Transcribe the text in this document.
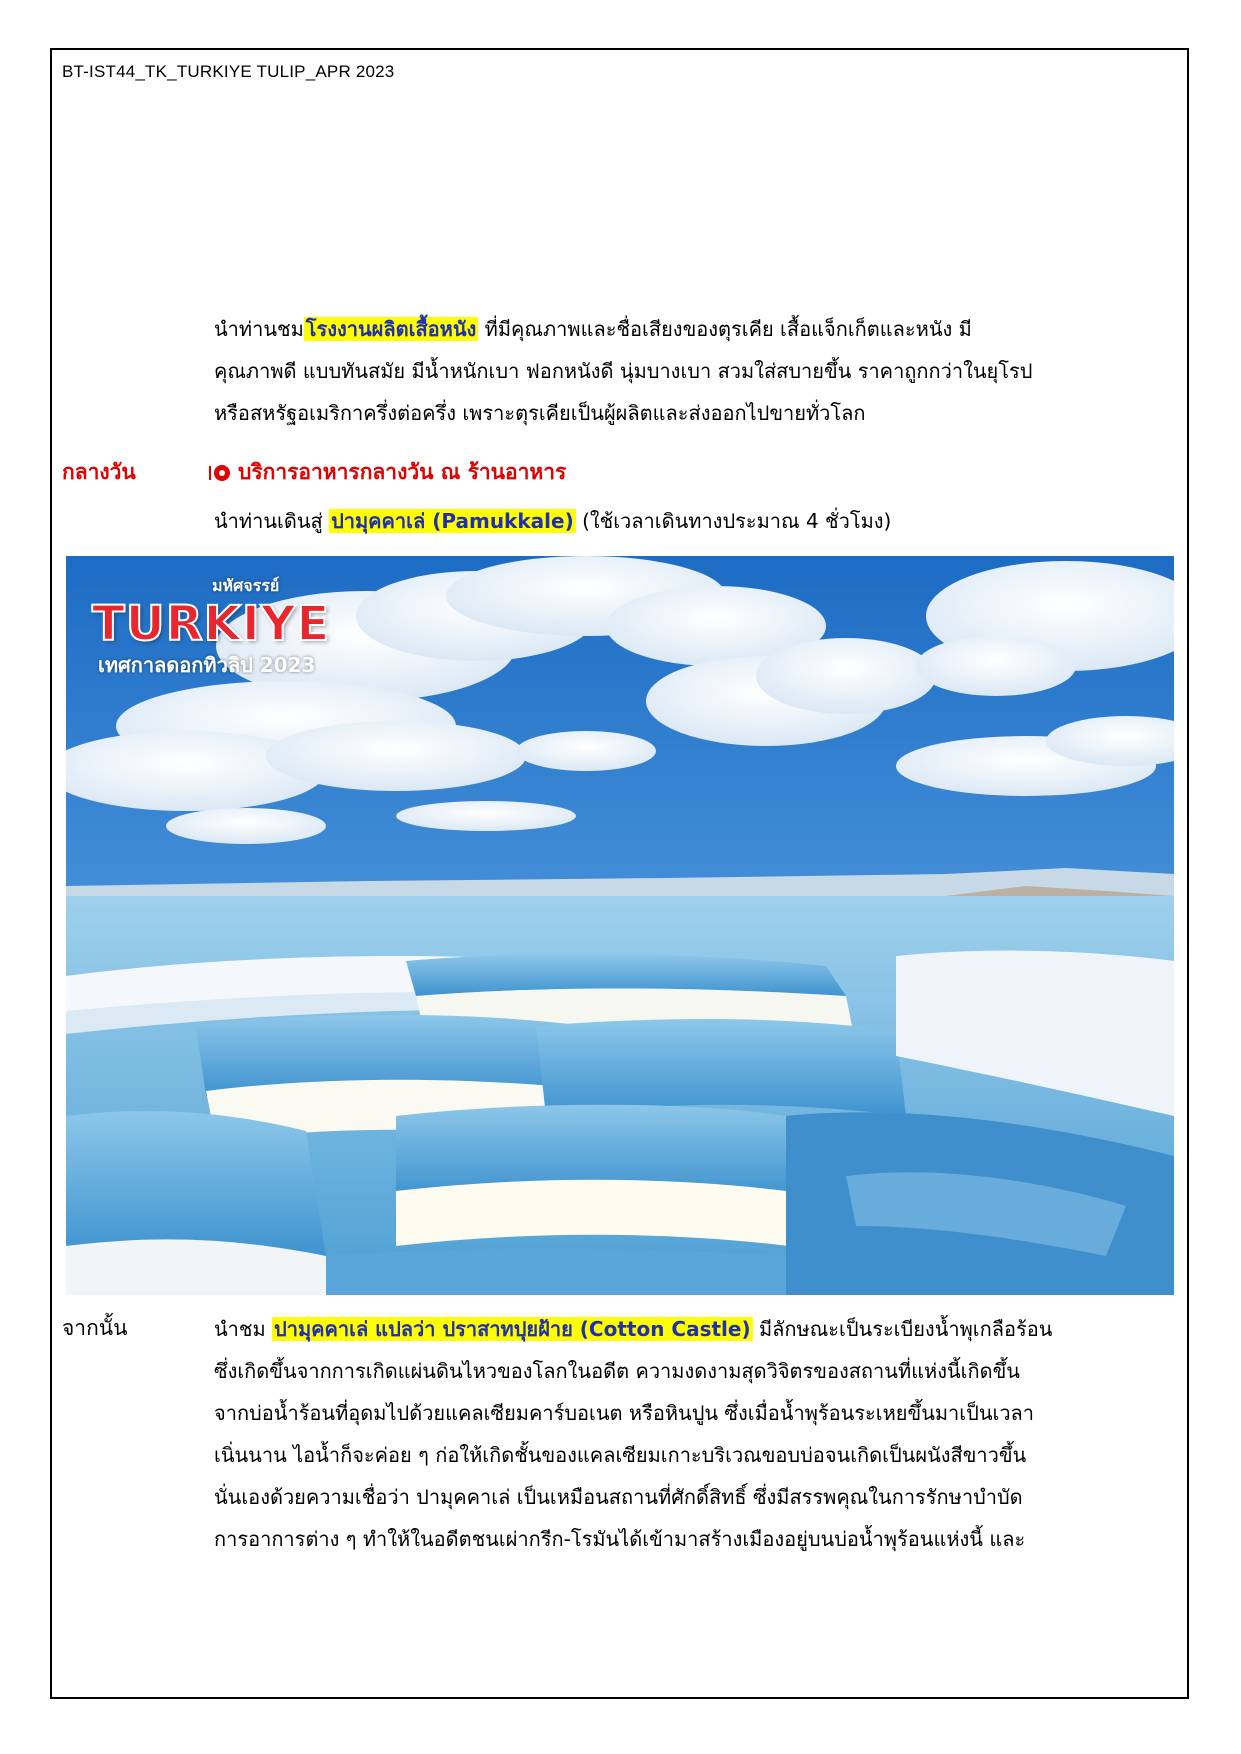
BT-IST44_TK_TURKIYE TULIP_APR 2023
นำท่านชม โรงงานผลิตเสื้อหนัง ที่มีคุณภาพและชื่อเสียงของตุรเคีย เสื้อแจ็กเก็ตและหนัง มี
คุณภาพดี แบบทันสมัย มีน้ำหนักเบา ฟอกหนังดี นุ่มบางเบา สวมใส่สบายขึ้น ราคาถูกกว่าในยุโรป
หรือสหรัฐอเมริกาครึ่งต่อครึ่ง เพราะตุรเคียเป็นผู้ผลิตและส่งออกไปขายทั่วโลก
กลางวัน	บริการอาหารกลางวัน ณ ร้านอาหาร
นำท่านเดินสู่ ปามุคคาเล่ (Pamukkale) (ใช้เวลาเดินทางประมาณ 4 ชั่วโมง)
มหัศจรรย์
TURKIYE
เทศกาลดอกทิวลิป 2023
จากนั้น	นำชม ปามุคคาเล่ แปลว่า ปราสาทปุยฝ้าย (Cotton Castle) มีลักษณะเป็นระเบียงน้ำพุเกลือร้อน
ซึ่งเกิดขึ้นจากการเกิดแผ่นดินไหวของโลกในอดีต ความงดงามสุดวิจิตรของสถานที่แห่งนี้เกิดขึ้น
จากบ่อน้ำร้อนที่อุดมไปด้วยแคลเซียมคาร์บอเนต หรือหินปูน ซึ่งเมื่อน้ำพุร้อนระเหยขึ้นมาเป็นเวลา
เนิ่นนาน ไอน้ำก็จะค่อย ๆ ก่อให้เกิดชั้นของแคลเซียมเกาะบริเวณขอบบ่อจนเกิดเป็นผนังสีขาวขึ้น
นั่นเองด้วยความเชื่อว่า ปามุคคาเล่ เป็นเหมือนสถานที่ศักดิ์สิทธิ์ ซึ่งมีสรรพคุณในการรักษาบำบัด
การอาการต่าง ๆ ทำให้ในอดีตชนเผ่ากรีก-โรมันได้เข้ามาสร้างเมืองอยู่บนบ่อน้ำพุร้อนแห่งนี้ และ
